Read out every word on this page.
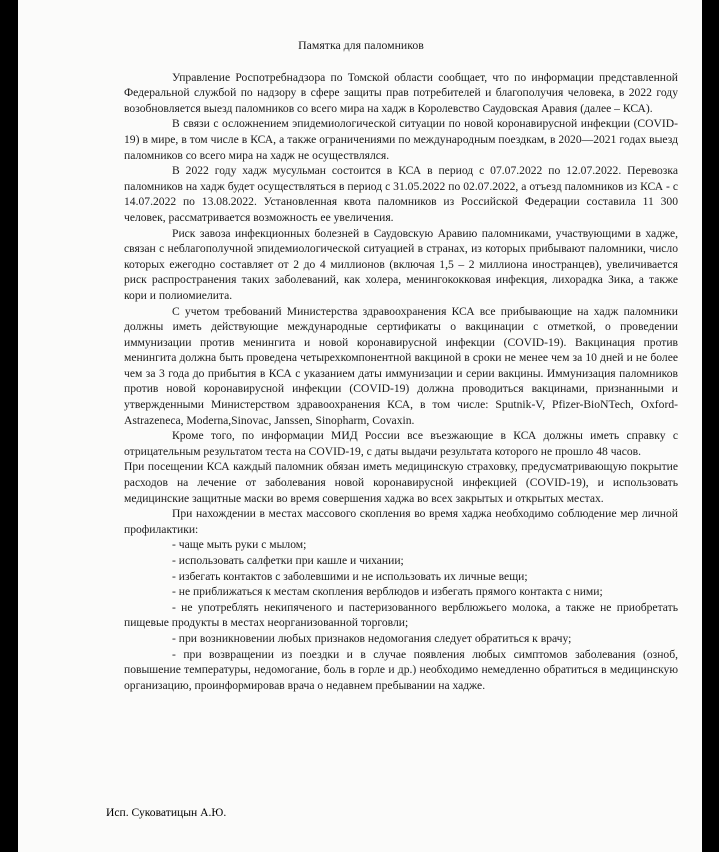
Памятка для паломников

Управление Роспотребнадзора по Томской области сообщает, что по информации представленной Федеральной службой по надзору в сфере защиты прав потребителей и благополучия человека, в 2022 году возобновляется выезд паломников со всего мира на хадж в Королевство Саудовская Аравия (далее – КСА).

В связи с осложнением эпидемиологической ситуации по новой коронавирусной инфекции (COVID-19) в мире, в том числе в КСА, а также ограничениями по международным поездкам, в 2020—2021 годах выезд паломников со всего мира на хадж не осуществлялся.

В 2022 году хадж мусульман состоится в КСА в период с 07.07.2022 по 12.07.2022. Перевозка паломников на хадж будет осуществляться в период с 31.05.2022 по 02.07.2022, а отъезд паломников из КСА - с 14.07.2022 по 13.08.2022. Установленная квота паломников из Российской Федерации составила 11 300 человек, рассматривается возможность ее увеличения.

Риск завоза инфекционных болезней в Саудовскую Аравию паломниками, участвующими в хадже, связан с неблагополучной эпидемиологической ситуацией в странах, из которых прибывают паломники, число которых ежегодно составляет от 2 до 4 миллионов (включая 1,5 – 2 миллиона иностранцев), увеличивается риск распространения таких заболеваний, как холера, менингококковая инфекция, лихорадка Зика, а также кори и полиомиелита.

С учетом требований Министерства здравоохранения КСА все прибывающие на хадж паломники должны иметь действующие международные сертификаты о вакцинации с отметкой, о проведении иммунизации против менингита и новой коронавирусной инфекции (COVID-19). Вакцинация против менингита должна быть проведена четырехкомпонентной вакциной в сроки не менее чем за 10 дней и не более чем за 3 года до прибытия в КСА с указанием даты иммунизации и серии вакцины. Иммунизация паломников против новой коронавирусной инфекции (COVID-19) должна проводиться вакцинами, признанными и утвержденными Министерством здравоохранения КСА, в том числе: Sputnik-V, Pfizer-BioNTech, Oxford-Astrazeneca, Moderna,Sinovac, Janssen, Sinopharm, Covaxin.

Кроме того, по информации МИД России все въезжающие в КСА должны иметь справку с отрицательным результатом теста на COVID-19, с даты выдачи результата которого не прошло 48 часов.

При посещении КСА каждый паломник обязан иметь медицинскую страховку, предусматривающую покрытие расходов на лечение от заболевания новой коронавирусной инфекцией (COVID-19), и использовать медицинские защитные маски во время совершения хаджа во всех закрытых и открытых местах.

При нахождении в местах массового скопления во время хаджа необходимо соблюдение мер личной профилактики:

- чаще мыть руки с мылом;
- использовать салфетки при кашле и чихании;
- избегать контактов с заболевшими и не использовать их личные вещи;
- не приближаться к местам скопления верблюдов и избегать прямого контакта с ними;
- не употреблять некипяченого и пастеризованного верблюжьего молока, а также не приобретать пищевые продукты в местах неорганизованной торговли;
- при возникновении любых признаков недомогания следует обратиться к врачу;
- при возвращении из поездки и в случае появления любых симптомов заболевания (озноб, повышение температуры, недомогание, боль в горле и др.) необходимо немедленно обратиться в медицинскую организацию, проинформировав врача о недавнем пребывании на хадже.
Исп. Суковатицын А.Ю.
